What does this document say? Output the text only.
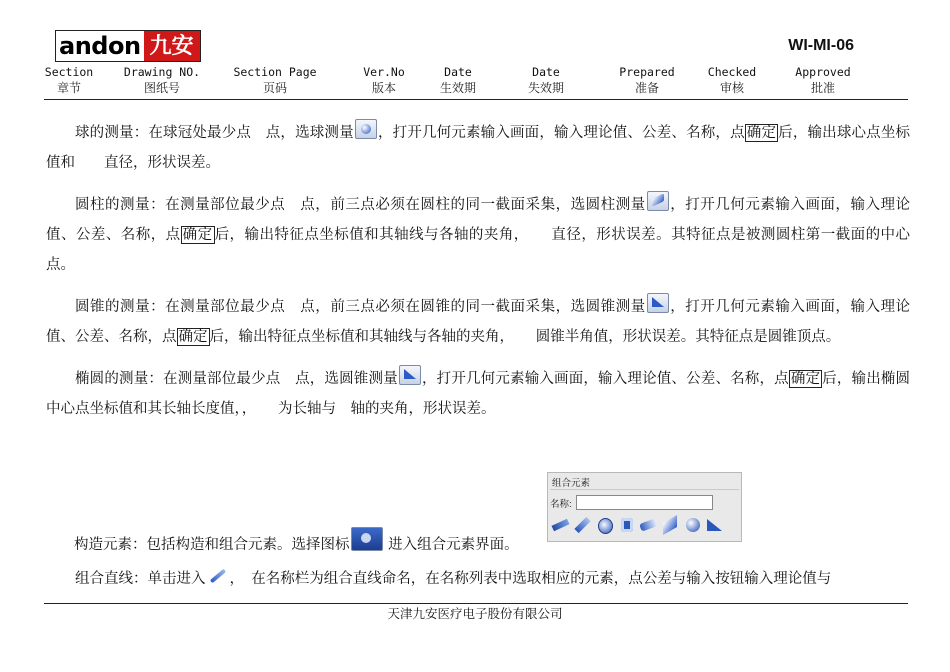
andon 九安	WI-MI-06
Section
章节
Drawing NO.
图纸号
Section Page
页码
Ver.No
版本
Date
生效期
Date
失效期
Prepared
准备
Checked
审核
Approved
批准

球的测量：在球冠处最少点　点，选球测量 ，打开几何元素输入画面，输入理论值、公差、名称，点 确定 后，输出球心点坐标值和　　直径，形状误差。

圆柱的测量：在测量部位最少点　点，前三点必须在圆柱的同一截面采集，选圆柱测量 ，打开几何元素输入画面，输入理论值、公差、名称，点 确定 后，输出特征点坐标值和其轴线与各轴的夹角，　　直径，形状误差。其特征点是被测圆柱第一截面的中心点。

圆锥的测量：在测量部位最少点　点，前三点必须在圆锥的同一截面采集，选圆锥测量 ，打开几何元素输入画面，输入理论值、公差、名称，点 确定 后，输出特征点坐标值和其轴线与各轴的夹角，　　圆锥半角值，形状误差。其特征点是圆锥顶点。

椭圆的测量：在测量部位最少点　点，选圆锥测量 ，打开几何元素输入画面，输入理论值、公差、名称，点 确定 后，输出椭圆中心点坐标值和其长轴长度值，，　　为长轴与　轴的夹角，形状误差。

组合元素
名称:
构造元素：包括构造和组合元素。选择图标	进入组合元素界面。
组合直线：单击进入 ，　在名称栏为组合直线命名，在名称列表中选取相应的元素，点公差与输入按钮输入理论值与
天津九安医疗电子股份有限公司
